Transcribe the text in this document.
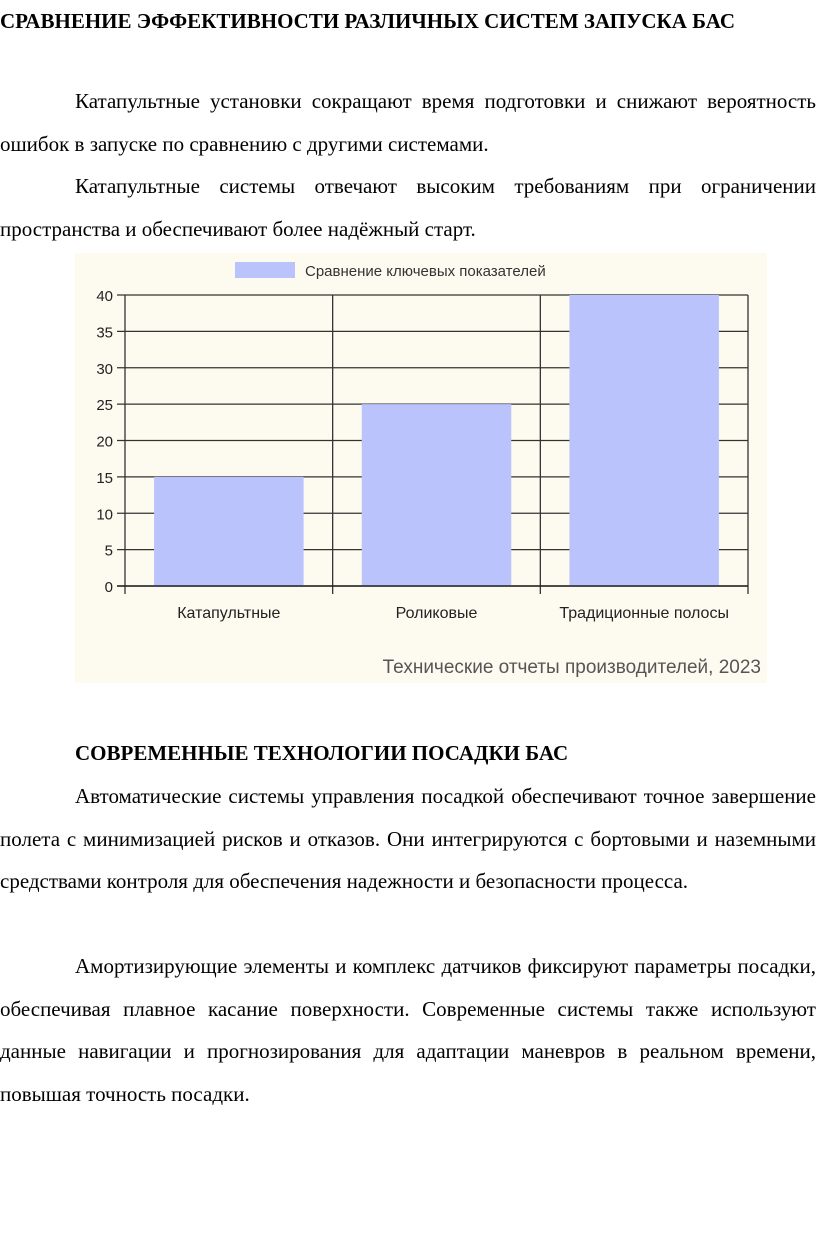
СРАВНЕНИЕ ЭФФЕКТИВНОСТИ РАЗЛИЧНЫХ СИСТЕМ ЗАПУСКА БАС

Катапультные установки сокращают время подготовки и снижают вероятность ошибок в запуске по сравнению с другими системами.

Катапультные системы отвечают высоким требованиям при ограничении пространства и обеспечивают более надёжный старт.

Сравнение ключевых показателей
0
5
10
15
20
25
30
35
40
Катапультные	Роликовые	Традиционные полосы
Технические отчеты производителей, 2023
СОВРЕМЕННЫЕ ТЕХНОЛОГИИ ПОСАДКИ БАС

Автоматические системы управления посадкой обеспечивают точное завершение полета с минимизацией рисков и отказов. Они интегрируются с бортовыми и наземными средствами контроля для обеспечения надежности и безопасности процесса.

Амортизирующие элементы и комплекс датчиков фиксируют параметры посадки, обеспечивая плавное касание поверхности. Современные системы также используют данные навигации и прогнозирования для адаптации маневров в реальном времени, повышая точность посадки.
